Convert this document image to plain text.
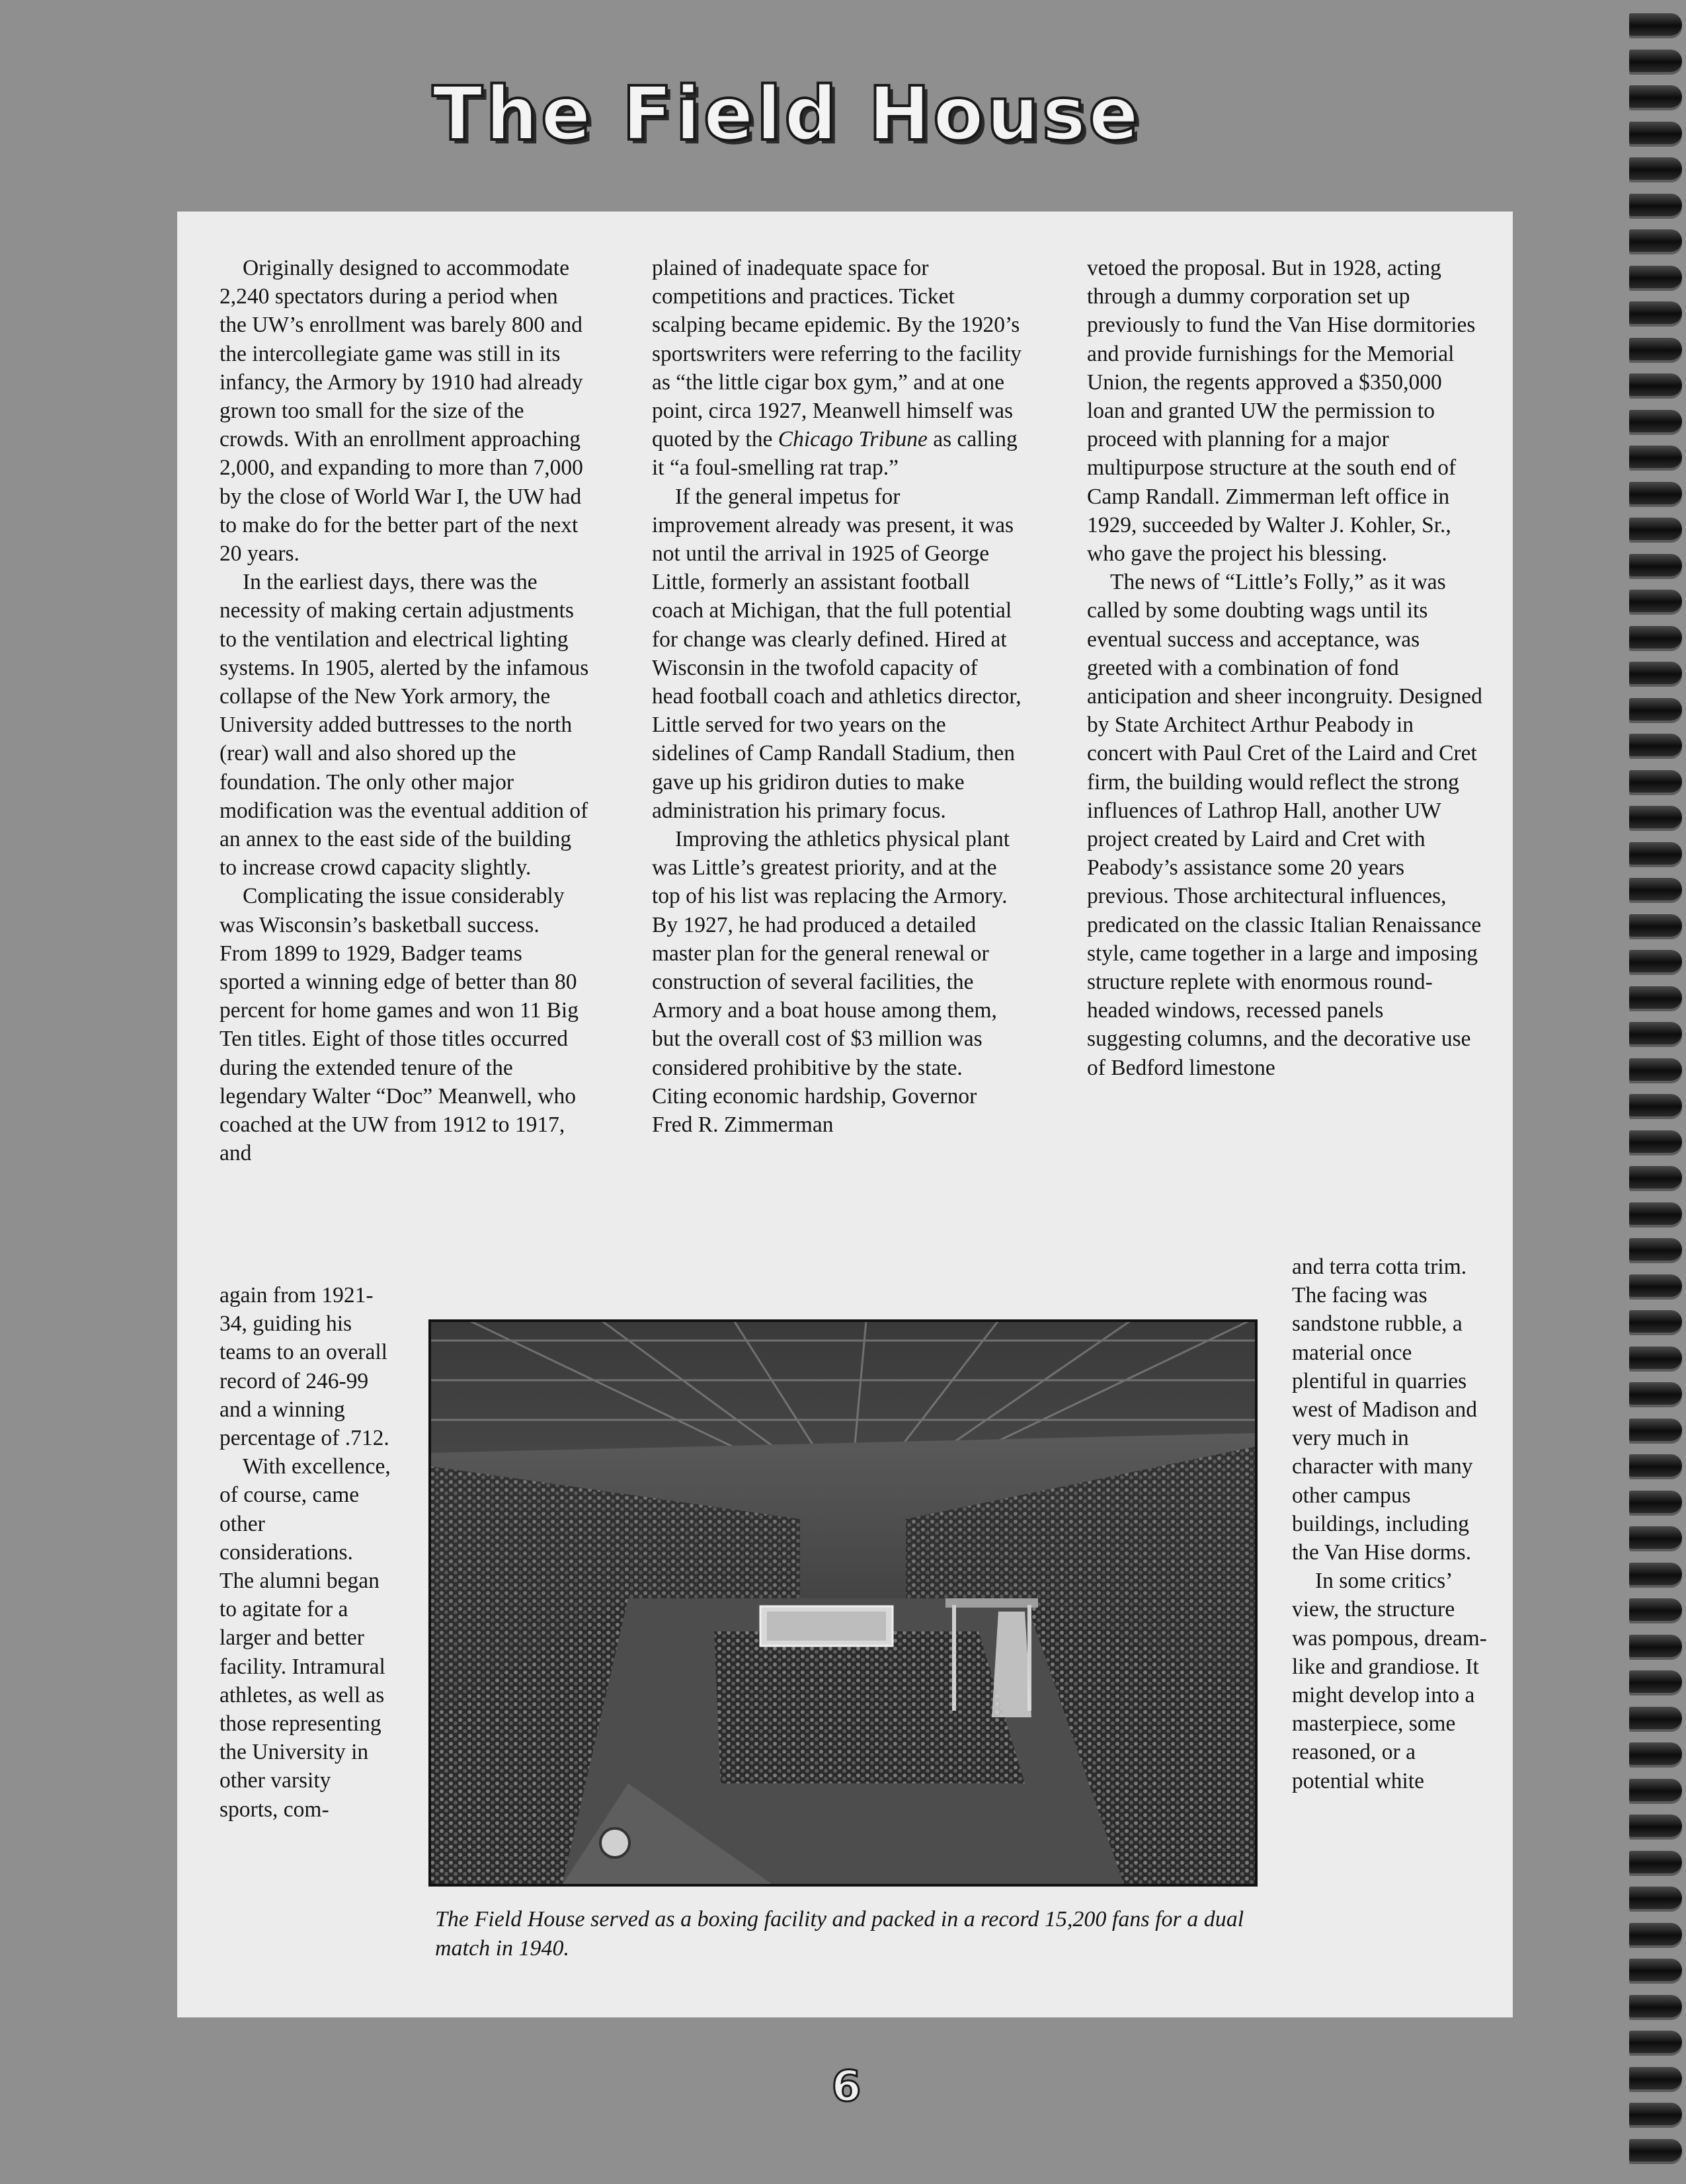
The Field House

Originally designed to accommodate 2,240 spectators during a period when the UW’s enrollment was barely 800 and the intercollegiate game was still in its infancy, the Armory by 1910 had already grown too small for the size of the crowds. With an enrollment approaching 2,000, and expanding to more than 7,000 by the close of World War I, the UW had to make do for the better part of the next 20 years.

In the earliest days, there was the necessity of making certain adjustments to the ventilation and electrical lighting systems. In 1905, alerted by the infamous collapse of the New York armory, the University added buttresses to the north (rear) wall and also shored up the foundation. The only other major modification was the eventual addition of an annex to the east side of the building to increase crowd capacity slightly.

Complicating the issue considerably was Wisconsin’s basketball success. From 1899 to 1929, Badger teams sported a winning edge of better than 80 percent for home games and won 11 Big Ten titles. Eight of those titles occurred during the extended tenure of the legendary Walter “Doc” Meanwell, who coached at the UW from 1912 to 1917, and

again from 1921-34, guiding his teams to an overall record of 246-99 and a winning percentage of .712.

With excellence, of course, came other considerations. The alumni began to agitate for a larger and better facility. Intramural athletes, as well as those representing the University in other varsity sports, com-

plained of inadequate space for competitions and practices. Ticket scalping became epidemic. By the 1920’s sportswriters were referring to the facility as “the little cigar box gym,” and at one point, circa 1927, Meanwell himself was quoted by the Chicago Tribune as calling it “a foul-smelling rat trap.”

If the general impetus for improvement already was present, it was not until the arrival in 1925 of George Little, formerly an assistant football coach at Michigan, that the full potential for change was clearly defined. Hired at Wisconsin in the twofold capacity of head football coach and athletics director, Little served for two years on the sidelines of Camp Randall Stadium, then gave up his gridiron duties to make administration his primary focus.

Improving the athletics physical plant was Little’s greatest priority, and at the top of his list was replacing the Armory. By 1927, he had produced a detailed master plan for the general renewal or construction of several facilities, the Armory and a boat house among them, but the overall cost of $3 million was considered prohibitive by the state. Citing economic hardship, Governor Fred R. Zimmerman

vetoed the proposal. But in 1928, acting through a dummy corporation set up previously to fund the Van Hise dormitories and provide furnishings for the Memorial Union, the regents approved a $350,000 loan and granted UW the permission to proceed with planning for a major multipurpose structure at the south end of Camp Randall. Zimmerman left office in 1929, succeeded by Walter J. Kohler, Sr., who gave the project his blessing.

The news of “Little’s Folly,” as it was called by some doubting wags until its eventual success and acceptance, was greeted with a combination of fond anticipation and sheer incongruity. Designed by State Architect Arthur Peabody in concert with Paul Cret of the Laird and Cret firm, the building would reflect the strong influences of Lathrop Hall, another UW project created by Laird and Cret with Peabody’s assistance some 20 years previous. Those architectural influences, predicated on the classic Italian Renaissance style, came together in a large and imposing structure replete with enormous round-headed windows, recessed panels suggesting columns, and the decorative use of Bedford limestone

and terra cotta trim. The facing was sandstone rubble, a material once plentiful in quarries west of Madison and very much in character with many other campus buildings, including the Van Hise dorms.

In some critics’ view, the structure was pompous, dream-like and grandiose. It might develop into a masterpiece, some reasoned, or a potential white

The Field House served as a boxing facility and packed in a record 15,200 fans for a dual match in 1940.
6
